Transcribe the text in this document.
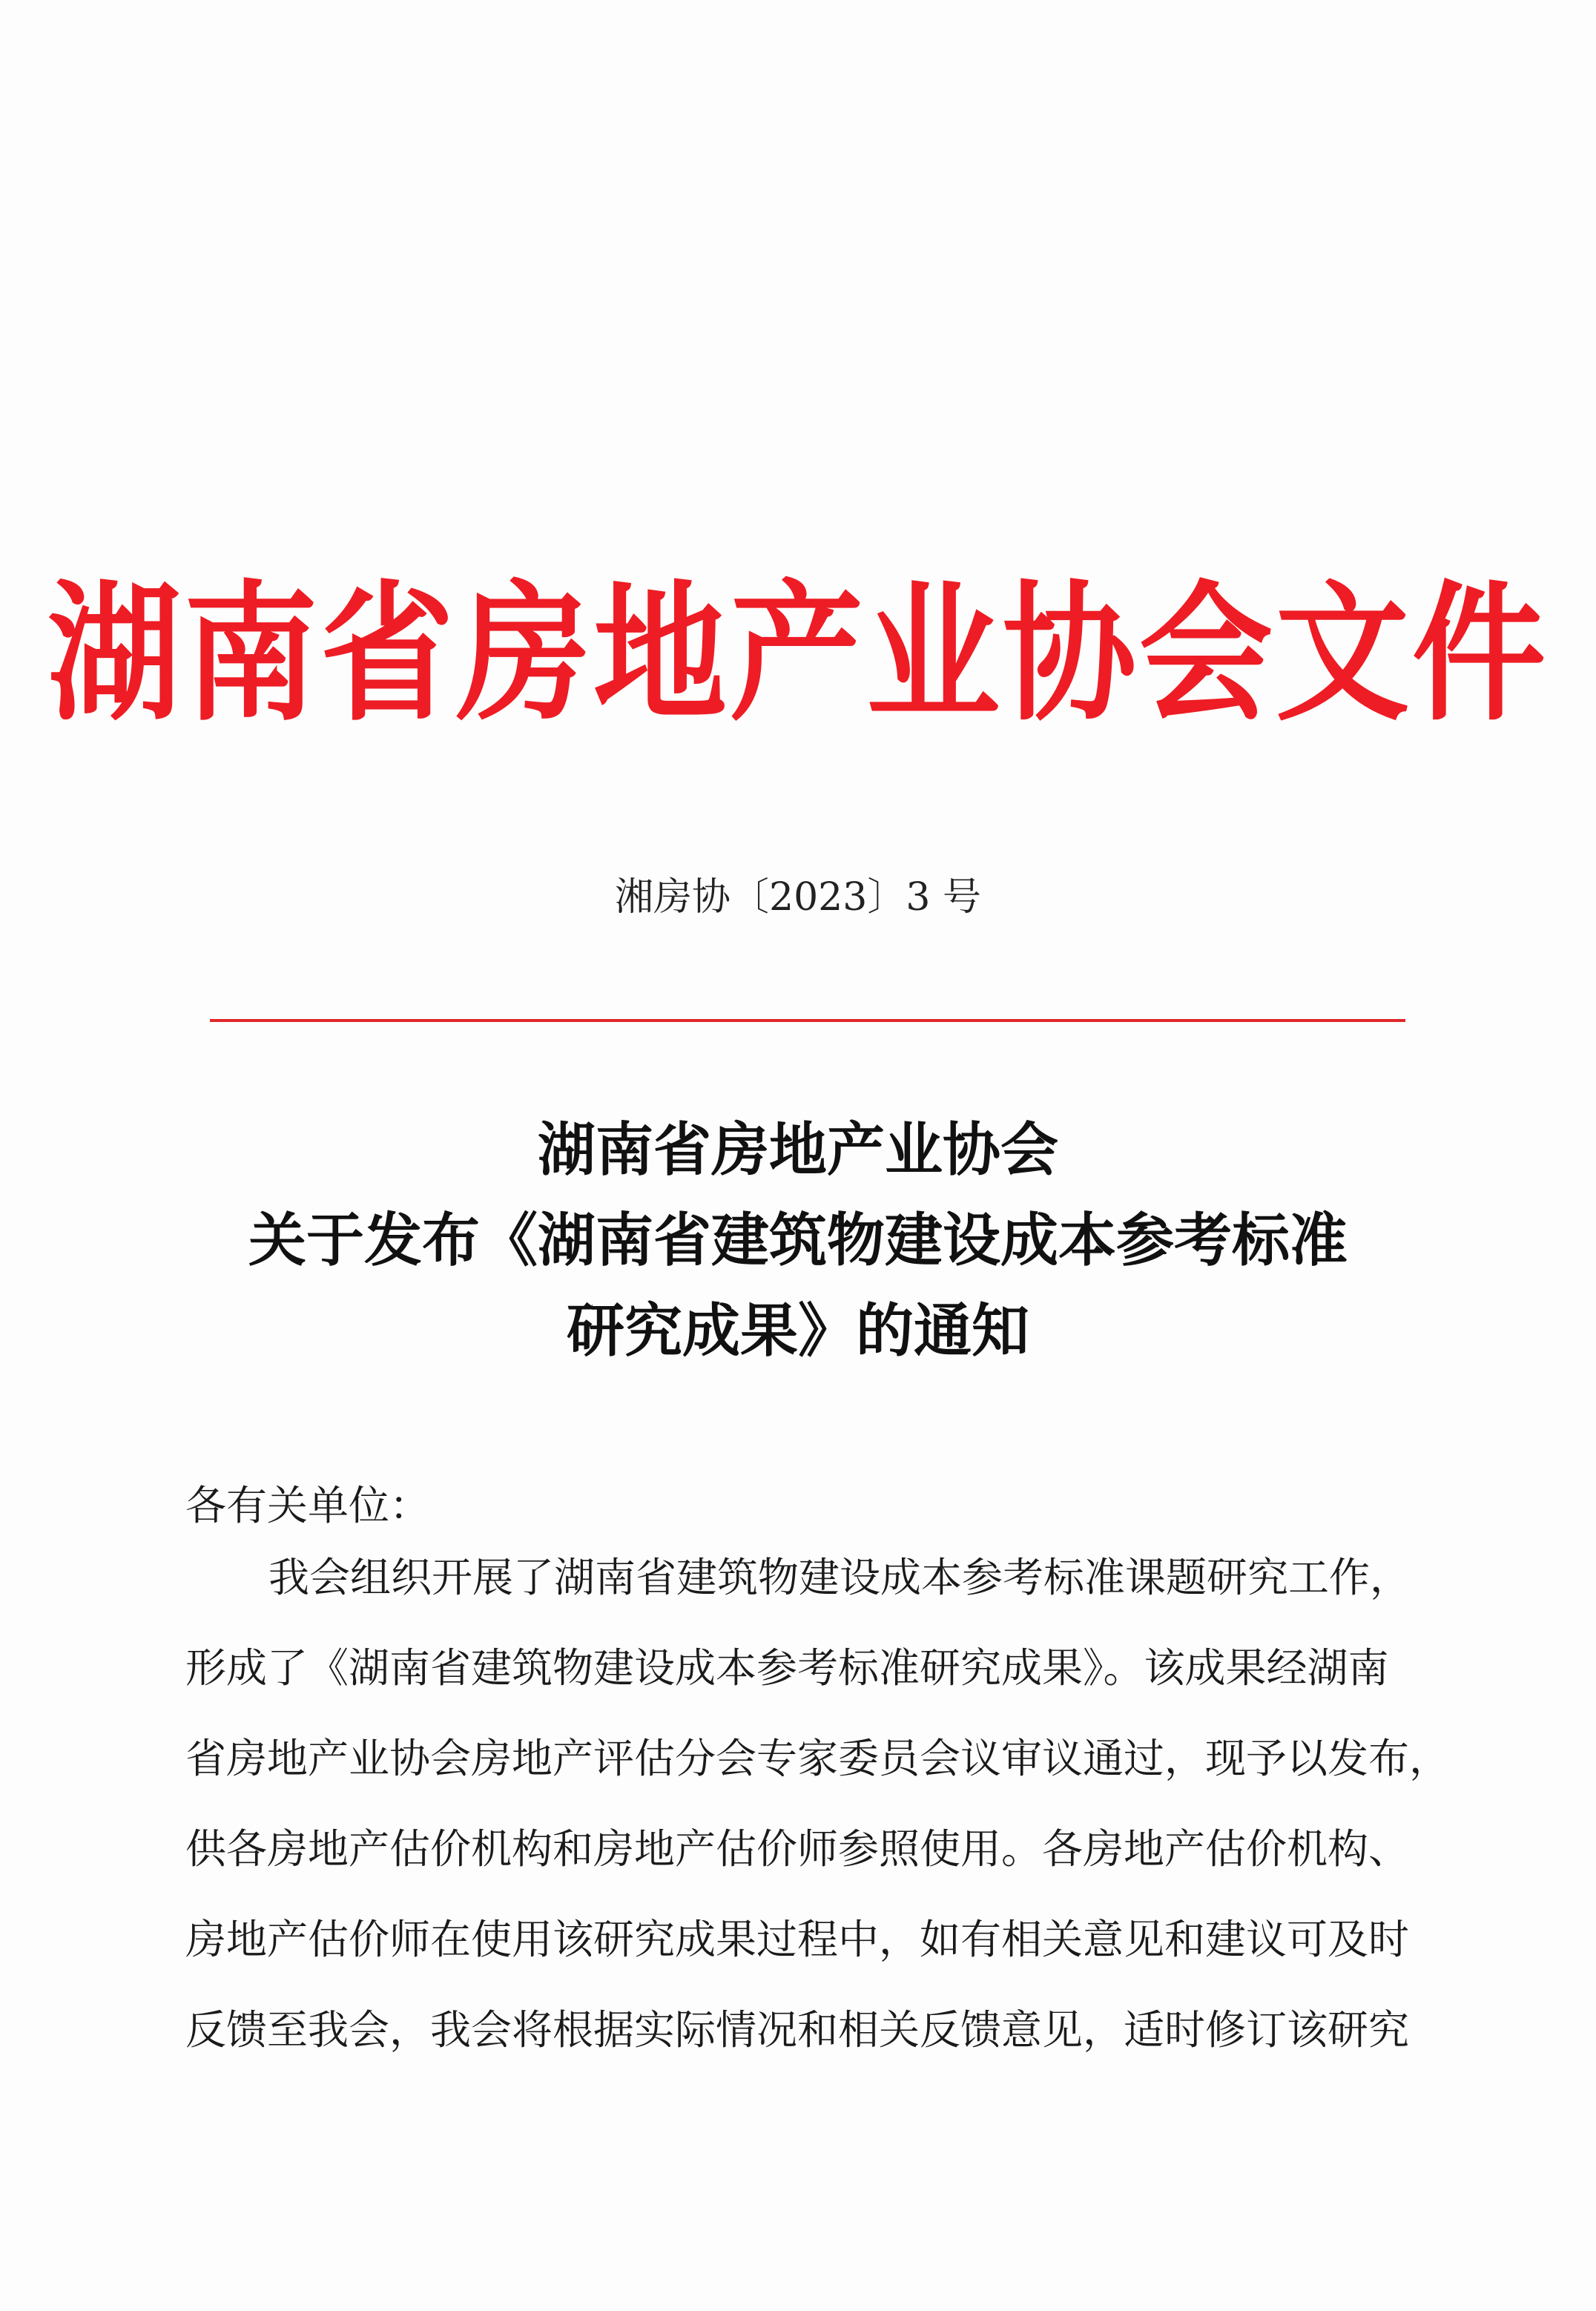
湖南省房地产业协会文件
湘房协〔2023〕3 号
湖南省房地产业协会
关于发布《湖南省建筑物建设成本参考标准
研究成果》的通知
各有关单位：
我会组织开展了湖南省建筑物建设成本参考标准课题研究工作，
形成了《湖南省建筑物建设成本参考标准研究成果》。该成果经湖南
省房地产业协会房地产评估分会专家委员会议审议通过，现予以发布，
供各房地产估价机构和房地产估价师参照使用。各房地产估价机构、
房地产估价师在使用该研究成果过程中，如有相关意见和建议可及时
反馈至我会，我会将根据实际情况和相关反馈意见，适时修订该研究
